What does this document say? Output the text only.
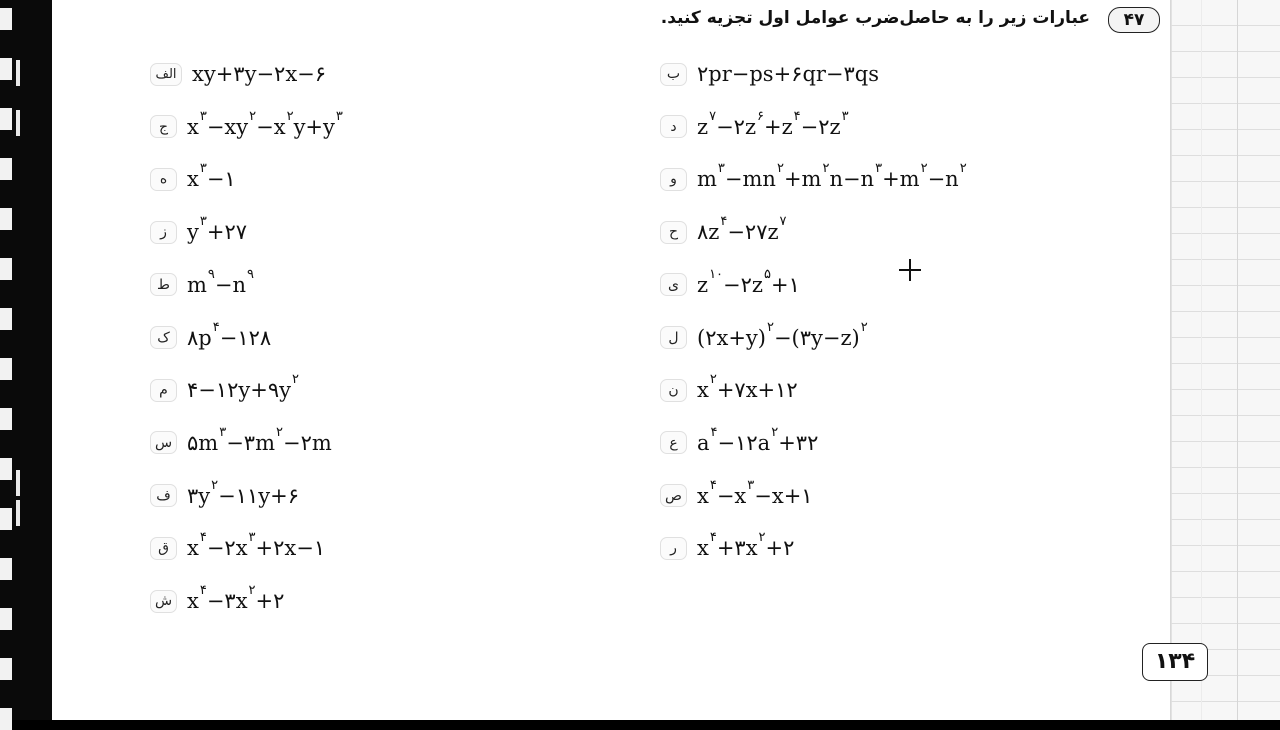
۴۷
عبارات زیر را به حاصل‌ضرب عوامل اول تجزیه کنید.
الف xy+۳y−۲x−۶
ج $x^۳-xy^۲-x^۲y+y^۳$
ه $x^۳-۱$
ز $y^۳+۲۷$
ط $m^۹-n^۹$
ک $۸p^۴-۱۲۸$
م $۴-۱۲y+۹y^۲$
س $۵m^۳-۳m^۲-۲m$
ف $۳y^۲-۱۱y+۶$
ق $x^۴-۲x^۳+۲x-۱$
ش $x^۴-۳x^۲+۲$
ب ۲pr−ps+۶qr−۳qs
د $z^۷-۲z^۶+z^۴-۲z^۳$
و $m^۳-mn^۲+m^۲n-n^۳+m^۲-n^۲$
ح $۸z^۴-۲۷z^۷$
ی $z^{۱۰}-۲z^۵+۱$
ل (۲x+y)$^۲$−(۳y−z)$^۲$
ن $x^۲+۷x+۱۲$
ع $a^۴-۱۲a^۲+۳۲$
ص $x^۴-x^۳-x+۱$
ر $x^۴+۳x^۲+۲$
۱۳۴
